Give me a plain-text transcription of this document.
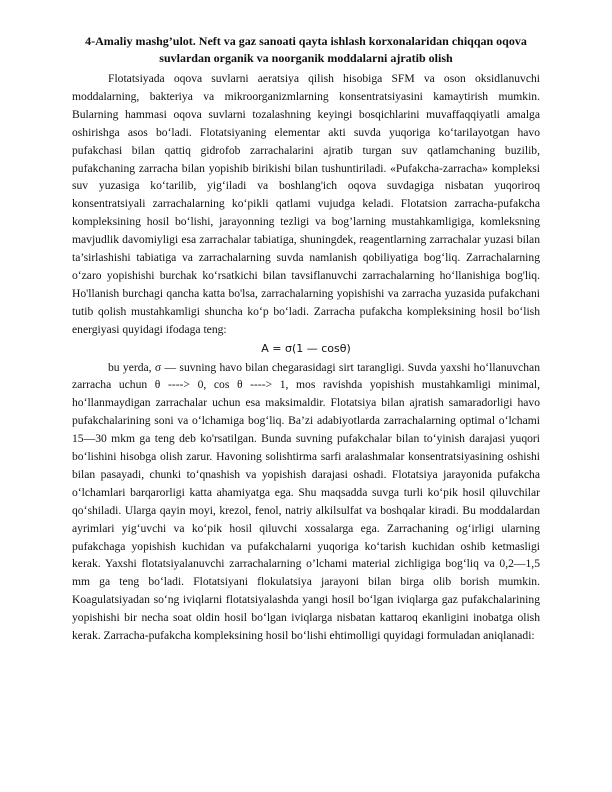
4-Amaliy mashg’ulot. Neft va gaz sanoati qayta ishlash korxonalaridan chiqqan oqova suvlardan organik va noorganik moddalarni ajratib olish

Flotatsiyada oqova suvlarni aeratsiya qilish hisobiga SFM va oson oksidlanuvchi moddalarning, bakteriya va mikroorganizmlarning konsentratsiyasini kamaytirish mumkin. Bularning hammasi oqova suvlarni tozalashning keyingi bosqichlarini muvaffaqqiyatli amalga oshirishga asos bo‘ladi. Flotatsiyaning elementar akti suvda yuqoriga ko‘tarilayotgan havo pufakchasi bilan qattiq gidrofob zarrachalarini ajratib turgan suv qatlamchaning buzilib, pufakchaning zarracha bilan yopishib birikishi bilan tushuntiriladi. «Pufakcha-zarracha» kompleksi suv yuzasiga ko‘tarilib, yig‘iladi va boshlang'ich oqova suvdagiga nisbatan yuqoriroq konsentratsiyali zarrachalarning ko‘pikli qatlami vujudga keladi. Flotatsion zarracha-pufakcha kompleksining hosil bo‘lishi, jarayonning tezligi va bog’larning mustahkamligiga, komleksning mavjudlik davomiyligi esa zarrachalar tabiatiga, shuningdek, reagentlarning zarrachalar yuzasi bilan ta’sirlashishi tabiatiga va zarrachalarning suvda namlanish qobiliyatiga bog‘liq. Zarrachalarning o‘zaro yopishishi burchak ko‘rsatkichi bilan tavsiflanuvchi zarrachalarning ho‘llanishiga bog'liq. Ho'llanish burchagi qancha katta bo'lsa, zarrachalarning yopishishi va zarracha yuzasida pufakchani tutib qolish mustahkamligi shuncha ko‘p bo‘ladi. Zarracha pufakcha kompleksining hosil bo‘lish energiyasi quyidagi ifodaga teng:

A = σ(1 — cosθ)

bu yerda, σ — suvning havo bilan chegarasidagi sirt tarangligi. Suvda yaxshi ho‘llanuvchan zarracha uchun θ ----> 0, cos θ ----> 1, mos ravishda yopishish mustahkamligi minimal, ho‘llanmaydigan zarrachalar uchun esa maksimaldir. Flotatsiya bilan ajratish samaradorligi havo pufakchalarining soni va o‘lchamiga bog‘liq. Ba’zi adabiyotlarda zarrachalarning optimal o‘lchami 15—30 mkm ga teng deb ko'rsatilgan. Bunda suvning pufakchalar bilan to‘yinish darajasi yuqori bo‘lishini hisobga olish zarur. Havoning solishtirma sarfi aralashmalar konsentratsiyasining oshishi bilan pasayadi, chunki to‘qnashish va yopishish darajasi oshadi. Flotatsiya jarayonida pufakcha o‘lchamlari barqarorligi katta ahamiyatga ega. Shu maqsadda suvga turli ko‘pik hosil qiluvchilar qo‘shiladi. Ularga qayin moyi, krezol, fenol, natriy alkilsulfat va boshqalar kiradi. Bu moddalardan ayrimlari yig‘uvchi va ko‘pik hosil qiluvchi xossalarga ega. Zarrachaning og‘irligi ularning pufakchaga yopishish kuchidan va pufakchalarni yuqoriga ko‘tarish kuchidan oshib ketmasligi kerak. Yaxshi flotatsiyalanuvchi zarrachalarning o’lchami material zichligiga bog‘liq va 0,2—1,5 mm ga teng bo‘ladi. Flotatsiyani flokulatsiya jarayoni bilan birga olib borish mumkin. Koagulatsiyadan so‘ng iviqlarni flotatsiyalashda yangi hosil bo‘lgan iviqlarga gaz pufakchalarining yopishishi bir necha soat oldin hosil bo‘lgan iviqlarga nisbatan kattaroq ekanligini inobatga olish kerak. Zarracha-pufakcha kompleksining hosil bo‘lishi ehtimolligi quyidagi formuladan aniqlanadi:
